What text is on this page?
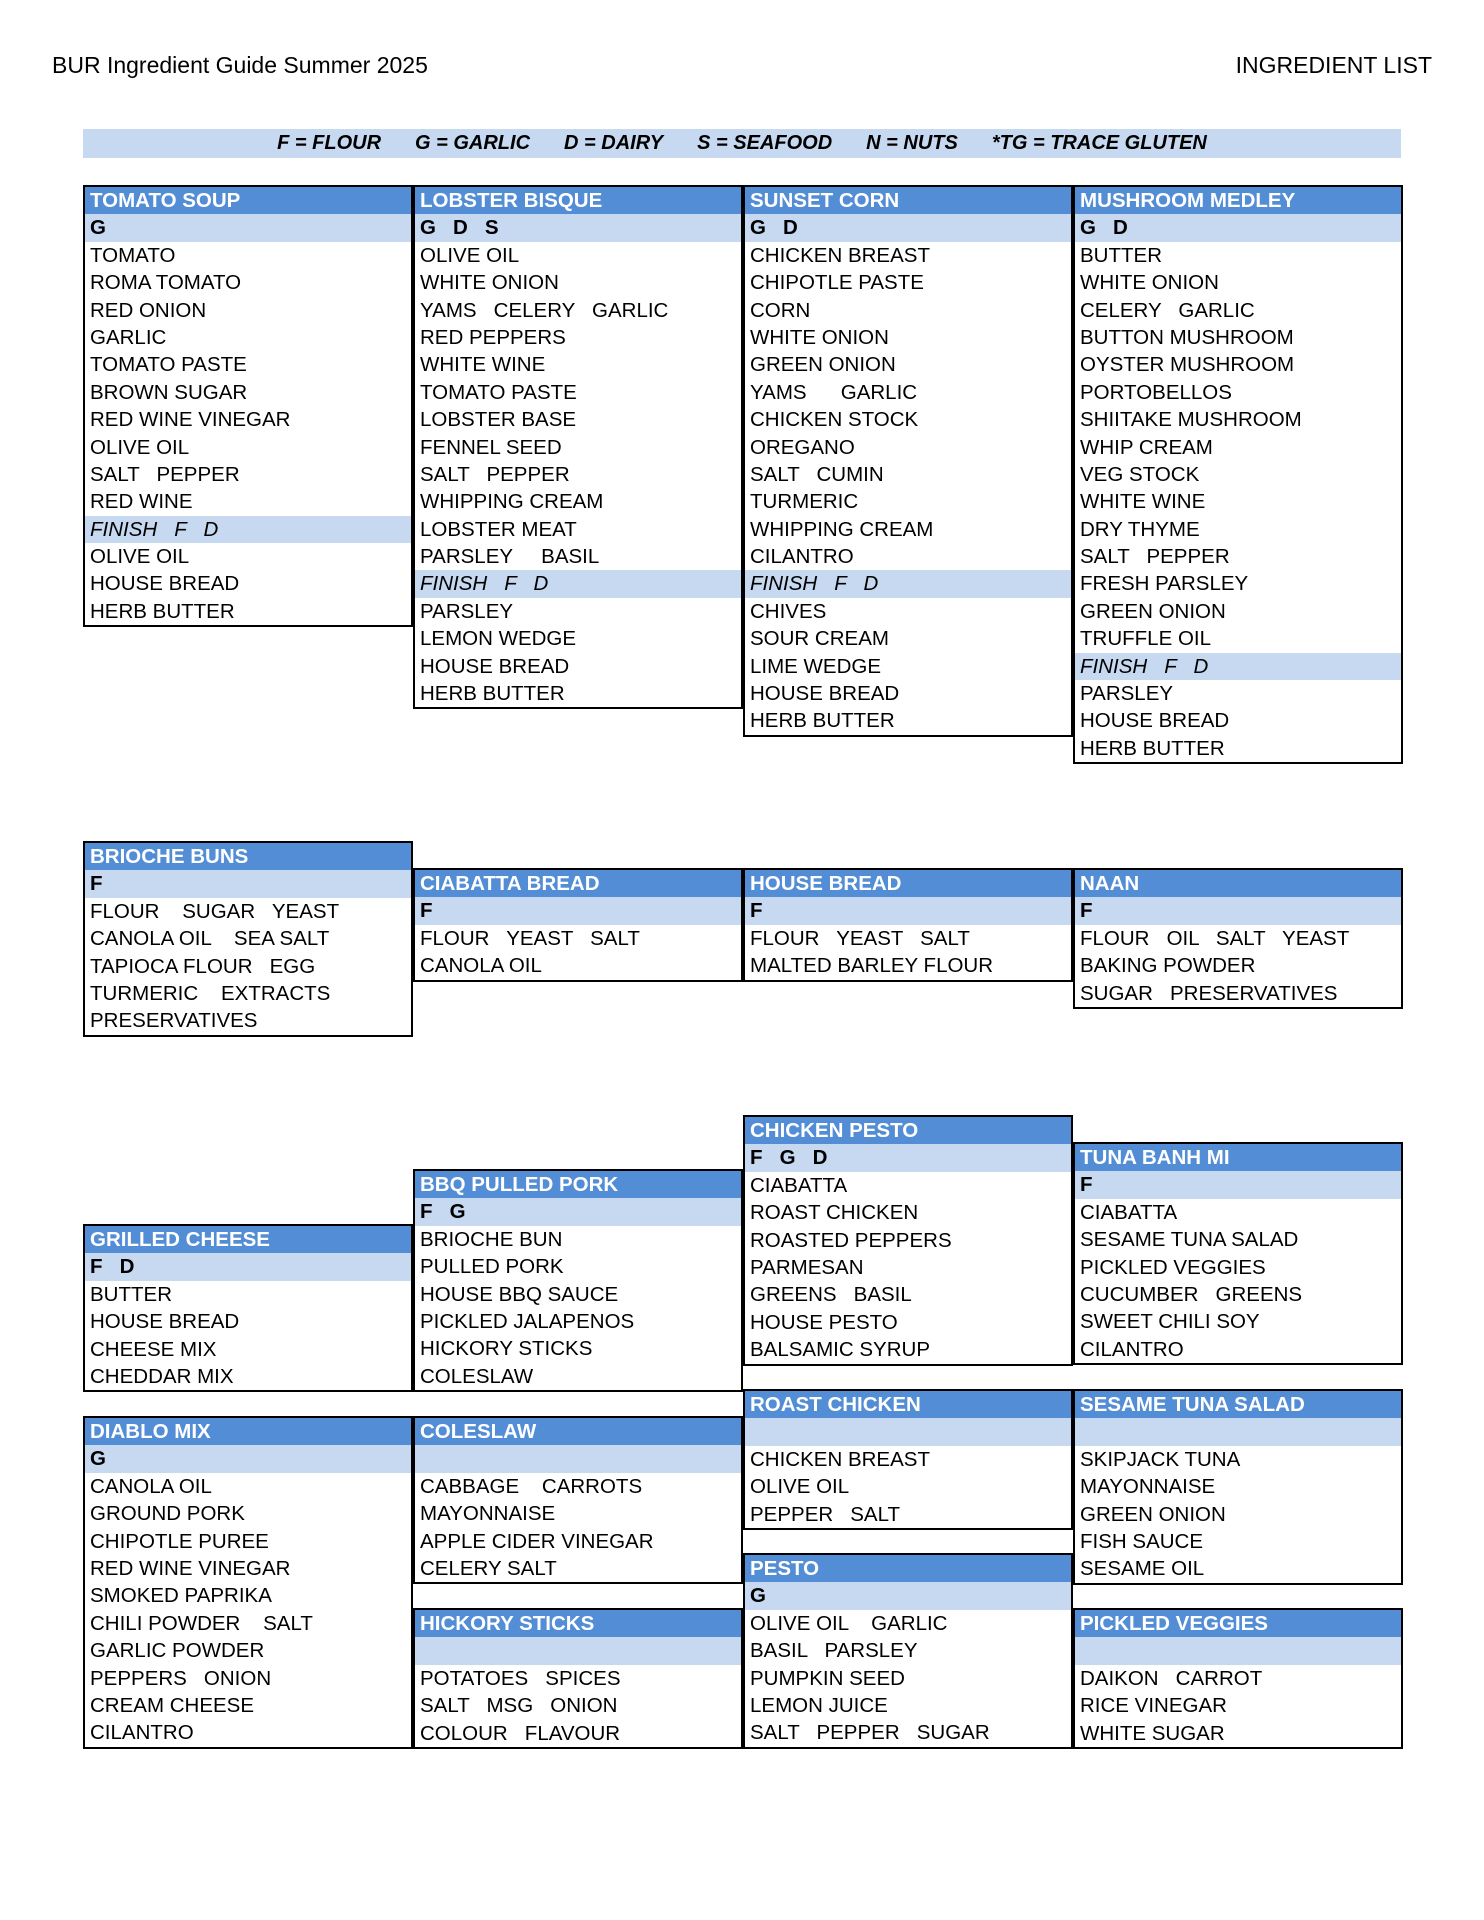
BUR Ingredient Guide Summer 2025	INGREDIENT LIST
F = FLOUR G = GARLIC D = DAIRY S = SEAFOOD N = NUTS *TG = TRACE GLUTEN
TOMATO SOUP
G
TOMATO
ROMA TOMATO
RED ONION
GARLIC
TOMATO PASTE
BROWN SUGAR
RED WINE VINEGAR
OLIVE OIL
SALT   PEPPER
RED WINE
FINISH   F   D
OLIVE OIL
HOUSE BREAD
HERB BUTTER
LOBSTER BISQUE
G   D   S
OLIVE OIL
WHITE ONION
YAMS   CELERY   GARLIC
RED PEPPERS
WHITE WINE
TOMATO PASTE
LOBSTER BASE
FENNEL SEED
SALT   PEPPER
WHIPPING CREAM
LOBSTER MEAT
PARSLEY     BASIL
FINISH   F   D
PARSLEY
LEMON WEDGE
HOUSE BREAD
HERB BUTTER
SUNSET CORN
G   D
CHICKEN BREAST
CHIPOTLE PASTE
CORN
WHITE ONION
GREEN ONION
YAMS      GARLIC
CHICKEN STOCK
OREGANO
SALT   CUMIN
TURMERIC
WHIPPING CREAM
CILANTRO
FINISH   F   D
CHIVES
SOUR CREAM
LIME WEDGE
HOUSE BREAD
HERB BUTTER
MUSHROOM MEDLEY
G   D
BUTTER
WHITE ONION
CELERY   GARLIC
BUTTON MUSHROOM
OYSTER MUSHROOM
PORTOBELLOS
SHIITAKE MUSHROOM
WHIP CREAM
VEG STOCK
WHITE WINE
DRY THYME
SALT   PEPPER
FRESH PARSLEY
GREEN ONION
TRUFFLE OIL
FINISH   F   D
PARSLEY
HOUSE BREAD
HERB BUTTER
BRIOCHE BUNS
F
FLOUR    SUGAR   YEAST
CANOLA OIL    SEA SALT
TAPIOCA FLOUR   EGG
TURMERIC    EXTRACTS
PRESERVATIVES
CIABATTA BREAD
F
FLOUR   YEAST   SALT
CANOLA OIL
HOUSE BREAD
F
FLOUR   YEAST   SALT
MALTED BARLEY FLOUR
NAAN
F
FLOUR   OIL   SALT   YEAST
BAKING POWDER
SUGAR   PRESERVATIVES
CHICKEN PESTO
F   G   D
CIABATTA
ROAST CHICKEN
ROASTED PEPPERS
PARMESAN
GREENS   BASIL
HOUSE PESTO
BALSAMIC SYRUP
TUNA BANH MI
F
CIABATTA
SESAME TUNA SALAD
PICKLED VEGGIES
CUCUMBER   GREENS
SWEET CHILI SOY
CILANTRO
BBQ PULLED PORK
F   G
BRIOCHE BUN
PULLED PORK
HOUSE BBQ SAUCE
PICKLED JALAPENOS
HICKORY STICKS
COLESLAW
GRILLED CHEESE
F   D
BUTTER
HOUSE BREAD
CHEESE MIX
CHEDDAR MIX
DIABLO MIX
G
CANOLA OIL
GROUND PORK
CHIPOTLE PUREE
RED WINE VINEGAR
SMOKED PAPRIKA
CHILI POWDER    SALT
GARLIC POWDER
PEPPERS   ONION
CREAM CHEESE
CILANTRO
COLESLAW
CABBAGE    CARROTS
MAYONNAISE
APPLE CIDER VINEGAR
CELERY SALT
ROAST CHICKEN
CHICKEN BREAST
OLIVE OIL
PEPPER   SALT
SESAME TUNA SALAD
SKIPJACK TUNA
MAYONNAISE
GREEN ONION
FISH SAUCE
SESAME OIL
HICKORY STICKS
POTATOES   SPICES
SALT   MSG   ONION
COLOUR   FLAVOUR
PESTO
G
OLIVE OIL    GARLIC
BASIL   PARSLEY
PUMPKIN SEED
LEMON JUICE
SALT   PEPPER   SUGAR
PICKLED VEGGIES
DAIKON   CARROT
RICE VINEGAR
WHITE SUGAR
